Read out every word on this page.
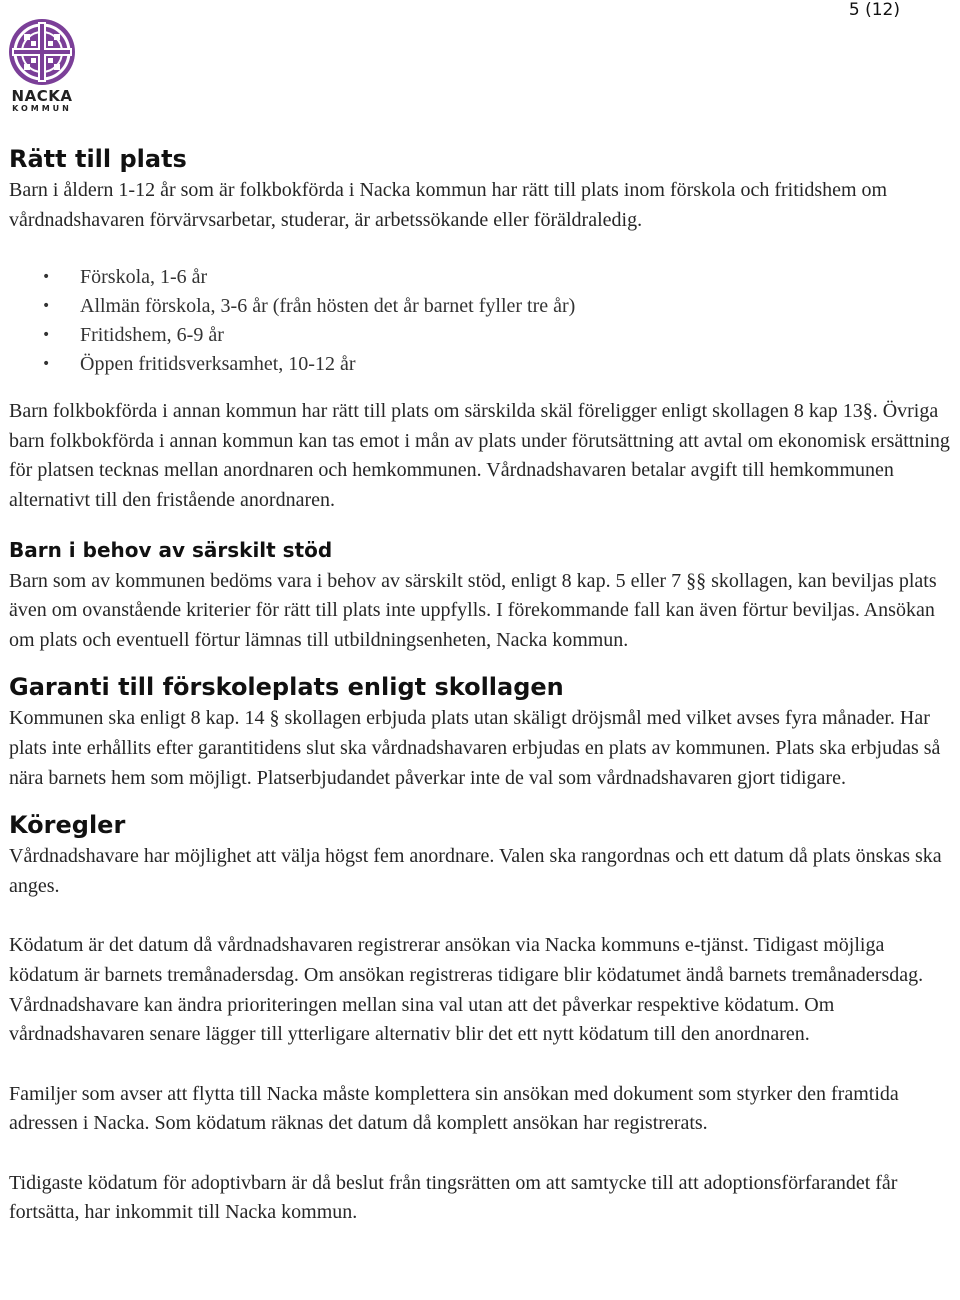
5 (12)
NACKA
KOMMUN
Rätt till plats

Barn i åldern 1-12 år som är folkbokförda i Nacka kommun har rätt till plats inom förskola och fritidshem om vårdnadshavaren förvärvsarbetar, studerar, är arbetssökande eller föräldraledig.

• Förskola, 1-6 år
• Allmän förskola, 3-6 år (från hösten det år barnet fyller tre år)
• Fritidshem, 6-9 år
• Öppen fritidsverksamhet, 10-12 år

Barn folkbokförda i annan kommun har rätt till plats om särskilda skäl föreligger enligt skollagen 8 kap 13§. Övriga barn folkbokförda i annan kommun kan tas emot i mån av plats under förutsättning att avtal om ekonomisk ersättning för platsen tecknas mellan anordnaren och hemkommunen. Vårdnadshavaren betalar avgift till hemkommunen alternativt till den fristående anordnaren.

Barn i behov av särskilt stöd

Barn som av kommunen bedöms vara i behov av särskilt stöd, enligt 8 kap. 5 eller 7 §§ skollagen, kan beviljas plats även om ovanstående kriterier för rätt till plats inte uppfylls. I förekommande fall kan även förtur beviljas. Ansökan om plats och eventuell förtur lämnas till utbildningsenheten, Nacka kommun.

Garanti till förskoleplats enligt skollagen

Kommunen ska enligt 8 kap. 14 § skollagen erbjuda plats utan skäligt dröjsmål med vilket avses fyra månader. Har plats inte erhållits efter garantitidens slut ska vårdnadshavaren erbjudas en plats av kommunen. Plats ska erbjudas så nära barnets hem som möjligt. Platserbjudandet påverkar inte de val som vårdnadshavaren gjort tidigare.

Köregler

Vårdnadshavare har möjlighet att välja högst fem anordnare. Valen ska rangordnas och ett datum då plats önskas ska anges.

Ködatum är det datum då vårdnadshavaren registrerar ansökan via Nacka kommuns e-tjänst. Tidigast möjliga ködatum är barnets tremånadersdag. Om ansökan registreras tidigare blir ködatumet ändå barnets tremånadersdag. Vårdnadshavare kan ändra prioriteringen mellan sina val utan att det påverkar respektive ködatum. Om vårdnadshavaren senare lägger till ytterligare alternativ blir det ett nytt ködatum till den anordnaren.

Familjer som avser att flytta till Nacka måste komplettera sin ansökan med dokument som styrker den framtida adressen i Nacka. Som ködatum räknas det datum då komplett ansökan har registrerats.

Tidigaste ködatum för adoptivbarn är då beslut från tingsrätten om att samtycke till att adoptionsförfarandet får fortsätta, har inkommit till Nacka kommun.
